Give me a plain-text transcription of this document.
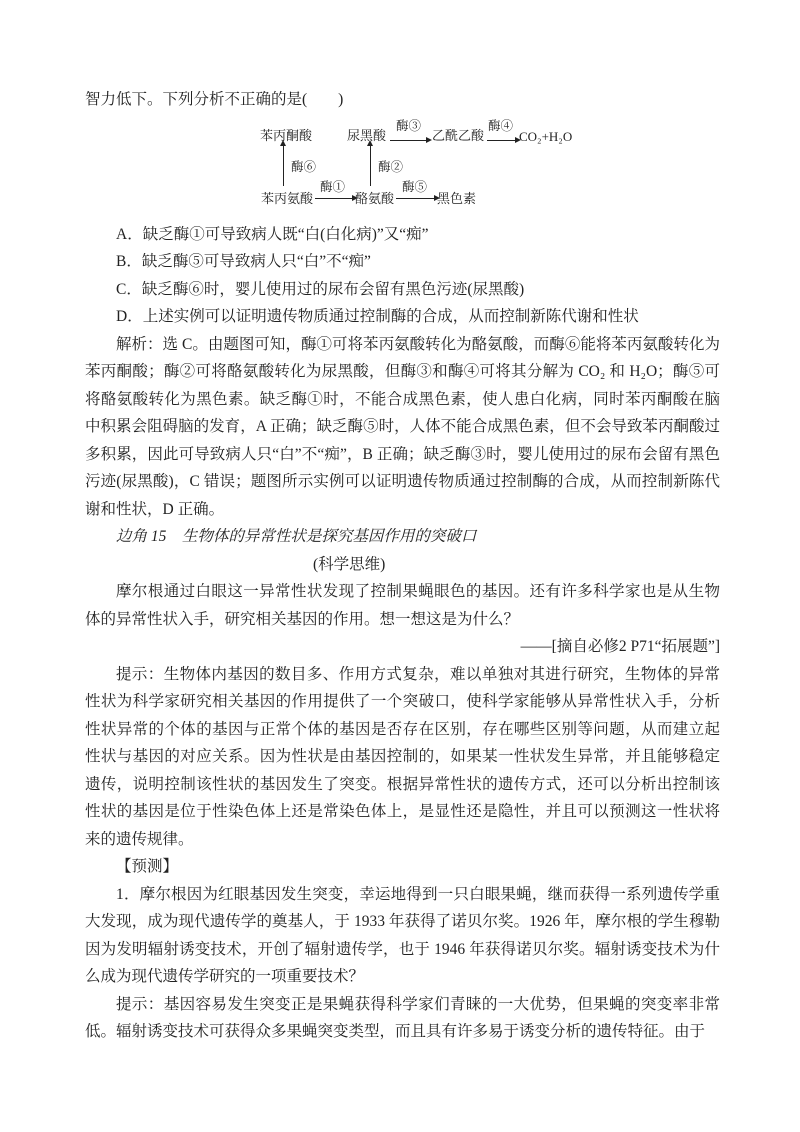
智力低下。下列分析不正确的是(　　)

苯丙酮酸	尿黑酸
酶③
乙酰乙酸
酶④
CO₂+H₂O
酶⑥	酶②
苯丙氨酸
酶①
酪氨酸
酶⑤
黑色素

A．缺乏酶①可导致病人既“白(白化病)”又“痴”

B．缺乏酶⑤可导致病人只“白”不“痴”

C．缺乏酶⑥时，婴儿使用过的尿布会留有黑色污迹(尿黑酸)

D．上述实例可以证明遗传物质通过控制酶的合成，从而控制新陈代谢和性状

解析：选 C。由题图可知，酶①可将苯丙氨酸转化为酪氨酸，而酶⑥能将苯丙氨酸转化为苯丙酮酸；酶②可将酪氨酸转化为尿黑酸，但酶③和酶④可将其分解为 CO₂ 和 H₂O；酶⑤可将酪氨酸转化为黑色素。缺乏酶①时，不能合成黑色素，使人患白化病，同时苯丙酮酸在脑中积累会阻碍脑的发育，A 正确；缺乏酶⑤时，人体不能合成黑色素，但不会导致苯丙酮酸过多积累，因此可导致病人只“白”不“痴”，B 正确；缺乏酶③时，婴儿使用过的尿布会留有黑色污迹(尿黑酸)，C 错误；题图所示实例可以证明遗传物质通过控制酶的合成，从而控制新陈代谢和性状，D 正确。

边角 15　生物体的异常性状是探究基因作用的突破口

(科学思维)

摩尔根通过白眼这一异常性状发现了控制果蝇眼色的基因。还有许多科学家也是从生物体的异常性状入手，研究相关基因的作用。想一想这是为什么？

——[摘自必修2 P71“拓展题”]

提示：生物体内基因的数目多、作用方式复杂，难以单独对其进行研究，生物体的异常性状为科学家研究相关基因的作用提供了一个突破口，使科学家能够从异常性状入手，分析性状异常的个体的基因与正常个体的基因是否存在区别，存在哪些区别等问题，从而建立起性状与基因的对应关系。因为性状是由基因控制的，如果某一性状发生异常，并且能够稳定遗传，说明控制该性状的基因发生了突变。根据异常性状的遗传方式，还可以分析出控制该性状的基因是位于性染色体上还是常染色体上，是显性还是隐性，并且可以预测这一性状将来的遗传规律。

【预测】

1．摩尔根因为红眼基因发生突变，幸运地得到一只白眼果蝇，继而获得一系列遗传学重大发现，成为现代遗传学的奠基人，于 1933 年获得了诺贝尔奖。1926 年，摩尔根的学生穆勒因为发明辐射诱变技术，开创了辐射遗传学，也于 1946 年获得诺贝尔奖。辐射诱变技术为什么成为现代遗传学研究的一项重要技术？

提示：基因容易发生突变正是果蝇获得科学家们青睐的一大优势，但果蝇的突变率非常低。辐射诱变技术可获得众多果蝇突变类型，而且具有许多易于诱变分析的遗传特征。由于
